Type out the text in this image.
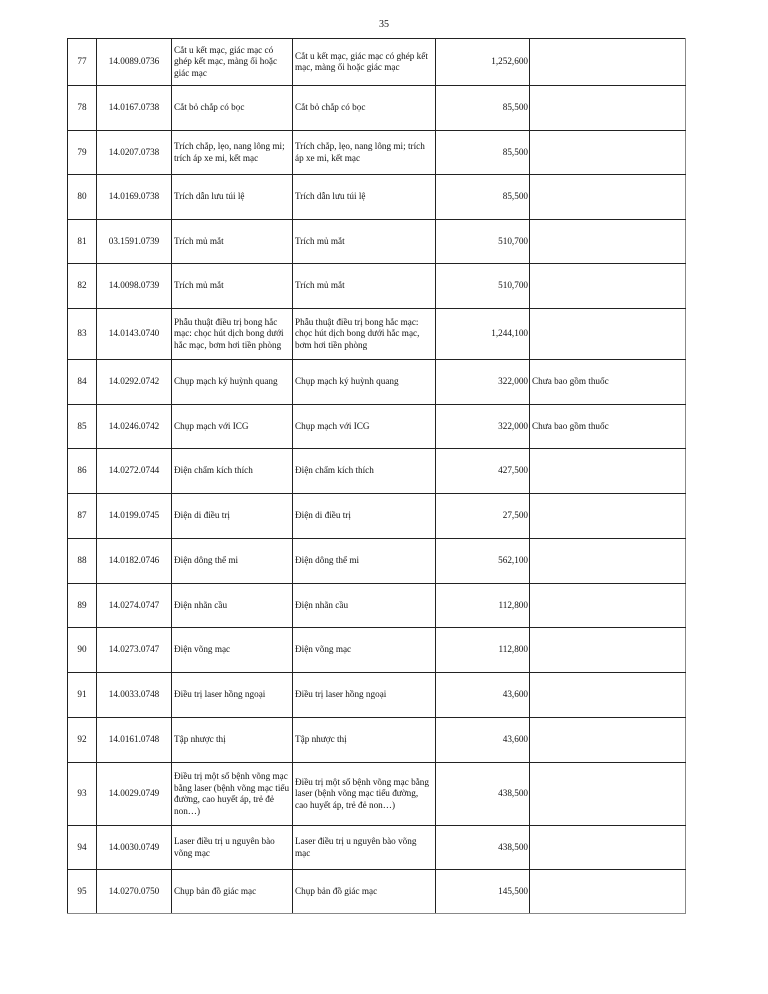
35
77	14.0089.0736	Cắt u kết mạc, giác mạc có ghép kết mạc, màng ối hoặc giác mạc	Cắt u kết mạc, giác mạc có ghép kết mạc, màng ối hoặc giác mạc	1,252,600	
78	14.0167.0738	Cắt bỏ chắp có bọc	Cắt bỏ chắp có bọc	85,500	
79	14.0207.0738	Trích chắp, lẹo, nang lông mi; trích áp xe mi, kết mạc	Trích chắp, lẹo, nang lông mi; trích áp xe mi, kết mạc	85,500	
80	14.0169.0738	Trích dẫn lưu túi lệ	Trích dẫn lưu túi lệ	85,500	
81	03.1591.0739	Trích mủ mắt	Trích mủ mắt	510,700	
82	14.0098.0739	Trích mủ mắt	Trích mủ mắt	510,700	
83	14.0143.0740	Phẫu thuật điều trị bong hắc mạc: chọc hút dịch bong dưới hắc mạc, bơm hơi tiền phòng	Phẫu thuật điều trị bong hắc mạc: chọc hút dịch bong dưới hắc mạc, bơm hơi tiền phòng	1,244,100	
84	14.0292.0742	Chụp mạch ký huỳnh quang	Chụp mạch ký huỳnh quang	322,000	Chưa bao gồm thuốc
85	14.0246.0742	Chụp mạch với ICG	Chụp mạch với ICG	322,000	Chưa bao gồm thuốc
86	14.0272.0744	Điện chẩm kích thích	Điện chẩm kích thích	427,500	
87	14.0199.0745	Điện di điều trị	Điện di điều trị	27,500	
88	14.0182.0746	Điện dông thể mi	Điện dông thể mi	562,100	
89	14.0274.0747	Điện nhãn cầu	Điện nhãn cầu	112,800	
90	14.0273.0747	Điện võng mạc	Điện võng mạc	112,800	
91	14.0033.0748	Điều trị laser hồng ngoại	Điều trị laser hồng ngoại	43,600	
92	14.0161.0748	Tập nhược thị	Tập nhược thị	43,600	
93	14.0029.0749	Điều trị một số bệnh võng mạc bằng laser (bệnh võng mạc tiểu đường, cao huyết áp, trẻ đẻ non…)	Điều trị một số bệnh võng mạc bằng laser (bệnh võng mạc tiểu đường, cao huyết áp, trẻ đẻ non…)	438,500	
94	14.0030.0749	Laser điều trị u nguyên bào võng mạc	Laser điều trị u nguyên bào võng mạc	438,500	
95	14.0270.0750	Chụp bản đồ giác mạc	Chụp bản đồ giác mạc	145,500	
